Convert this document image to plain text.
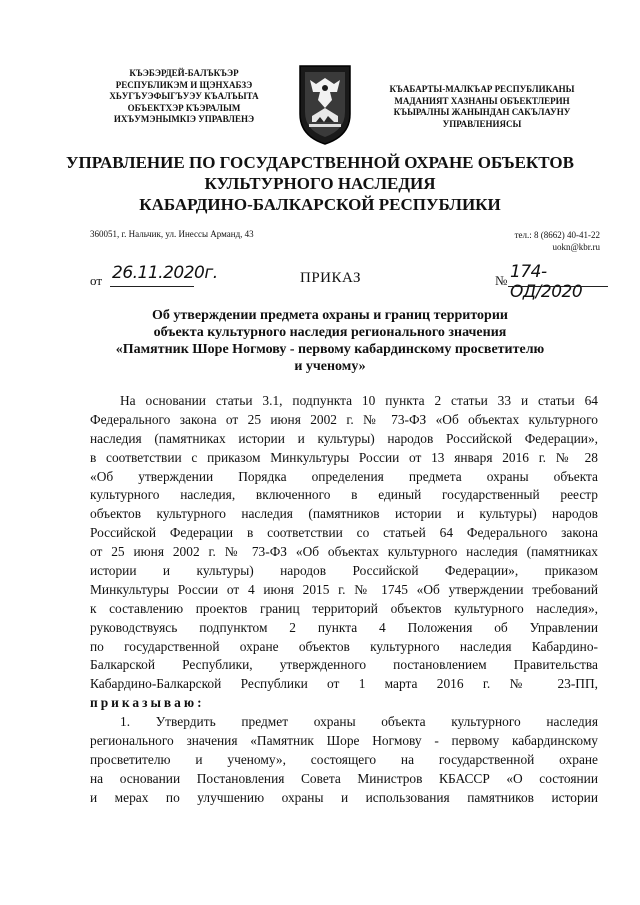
КЪЭБЭРДЕЙ-БАЛЪКЪЭР
РЕСПУБЛИКЭМ И ЩЭНХАБЗЭ
ХЬУГЪУЭФЫГЪУЭУ КЪАЛЪЫТА
ОБЪЕКТХЭР КЪЭРАЛЫМ
ИХЪУМЭНЫМКІЭ УПРАВЛЕНЭ
КЪАБАРТЫ-МАЛКЪАР РЕСПУБЛИКАНЫ
МАДАНИЯТ ХАЗНАНЫ ОБЪЕКТЛЕРИН
КЪЫРАЛНЫ ЖАНЫНДАН САКЪЛАУНУ
УПРАВЛЕНИЯСЫ
УПРАВЛЕНИЕ ПО ГОСУДАРСТВЕННОЙ ОХРАНЕ ОБЪЕКТОВ
КУЛЬТУРНОГО НАСЛЕДИЯ
КАБАРДИНО-БАЛКАРСКОЙ РЕСПУБЛИКИ
360051, г. Нальчик, ул. Инессы Арманд, 43	тел.: 8 (8662) 40-41-22
uokn@kbr.ru
от 26.11.2020г.	ПРИКАЗ	№ 174-ОД/2020
Об утверждении предмета охраны и границ территории
объекта культурного наследия регионального значения
«Памятник Шоре Ногмову - первому кабардинскому просветителю
и ученому»
На основании статьи 3.1, подпункта 10 пункта 2 статьи 33 и статьи 64
Федерального закона от 25 июня 2002 г. № 73-ФЗ «Об объектах культурного
наследия (памятниках истории и культуры) народов Российской Федерации»,
в соответствии с приказом Минкультуры России от 13 января 2016 г. № 28
«Об утверждении Порядка определения предмета охраны объекта
культурного наследия, включенного в единый государственный реестр
объектов культурного наследия (памятников истории и культуры) народов
Российской Федерации в соответствии со статьей 64 Федерального закона
от 25 июня 2002 г. № 73-ФЗ «Об объектах культурного наследия (памятниках
истории и культуры) народов Российской Федерации», приказом
Минкультуры России от 4 июня 2015 г. № 1745 «Об утверждении требований
к составлению проектов границ территорий объектов культурного наследия»,
руководствуясь подпунктом 2 пункта 4 Положения об Управлении
по государственной охране объектов культурного наследия Кабардино-
Балкарской Республики, утвержденного постановлением Правительства
Кабардино-Балкарской Республики от 1 марта 2016 г. № 23-ПП,
приказываю:
1. Утвердить предмет охраны объекта культурного наследия
регионального значения «Памятник Шоре Ногмову - первому кабардинскому
просветителю и ученому», состоящего на государственной охране
на основании Постановления Совета Министров КБАССР «О состоянии
и мерах по улучшению охраны и использования памятников истории
